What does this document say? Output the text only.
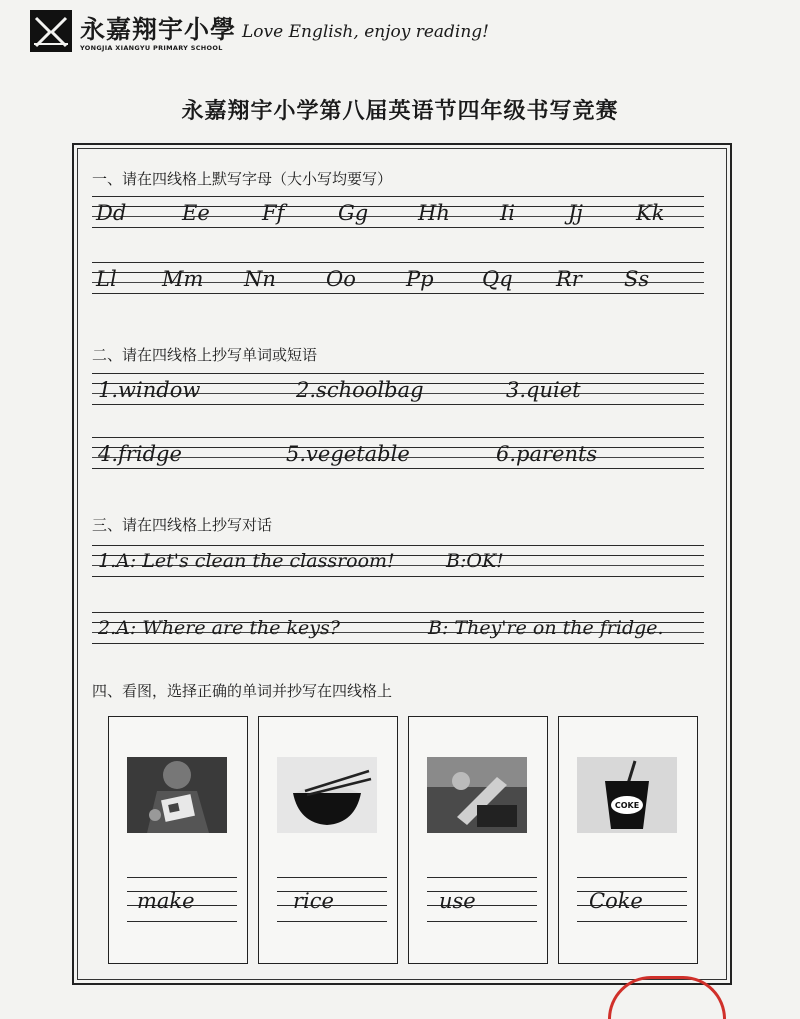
永嘉翔宇小學
YONGJIA XIANGYU PRIMARY SCHOOL
Love English, enjoy reading!
永嘉翔宇小学第八届英语节四年级书写竞赛
一、请在四线格上默写字母（大小写均要写）
Dd	Ee Ff	Gg Hh Ii	Jj	Kk
Ll Mm Nn Oo Pp Qq Rr Ss
二、请在四线格上抄写单词或短语
1.window	2.schoolbag	3.quiet
4.fridge	5.vegetable	6.parents
三、请在四线格上抄写对话
1.A: Let's clean the classroom!	B:OK!
2.A: Where are the keys?	B: They're on the fridge.
四、看图，选择正确的单词并抄写在四线格上
make	rice	use
COKE
Coke
